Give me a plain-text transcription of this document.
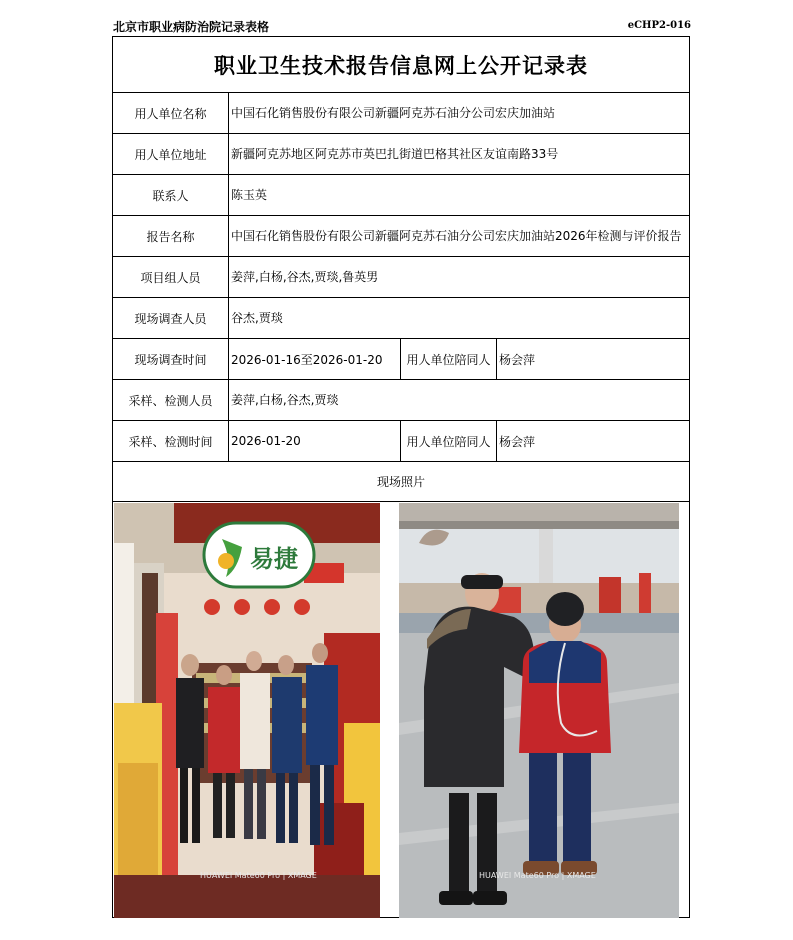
北京市职业病防治院记录表格	eCHP2-016
职业卫生技术报告信息网上公开记录表
用人单位名称	中国石化销售股份有限公司新疆阿克苏石油分公司宏庆加油站
用人单位地址	新疆阿克苏地区阿克苏市英巴扎街道巴格其社区友谊南路33号
联系人	陈玉英
报告名称	中国石化销售股份有限公司新疆阿克苏石油分公司宏庆加油站2026年检测与评价报告
项目组人员	姜萍,白杨,谷杰,贾琰,鲁英男
现场调查人员	谷杰,贾琰
现场调查时间	2026-01-16至2026-01-20	用人单位陪同人 杨会萍
采样、检测人员	姜萍,白杨,谷杰,贾琰
采样、检测时间	2026-01-20	用人单位陪同人 杨会萍
现场照片
易捷
HUAWEI Mate60 Pro | XMAGE	HUAWEI Mate60 Pro | XMAGE
